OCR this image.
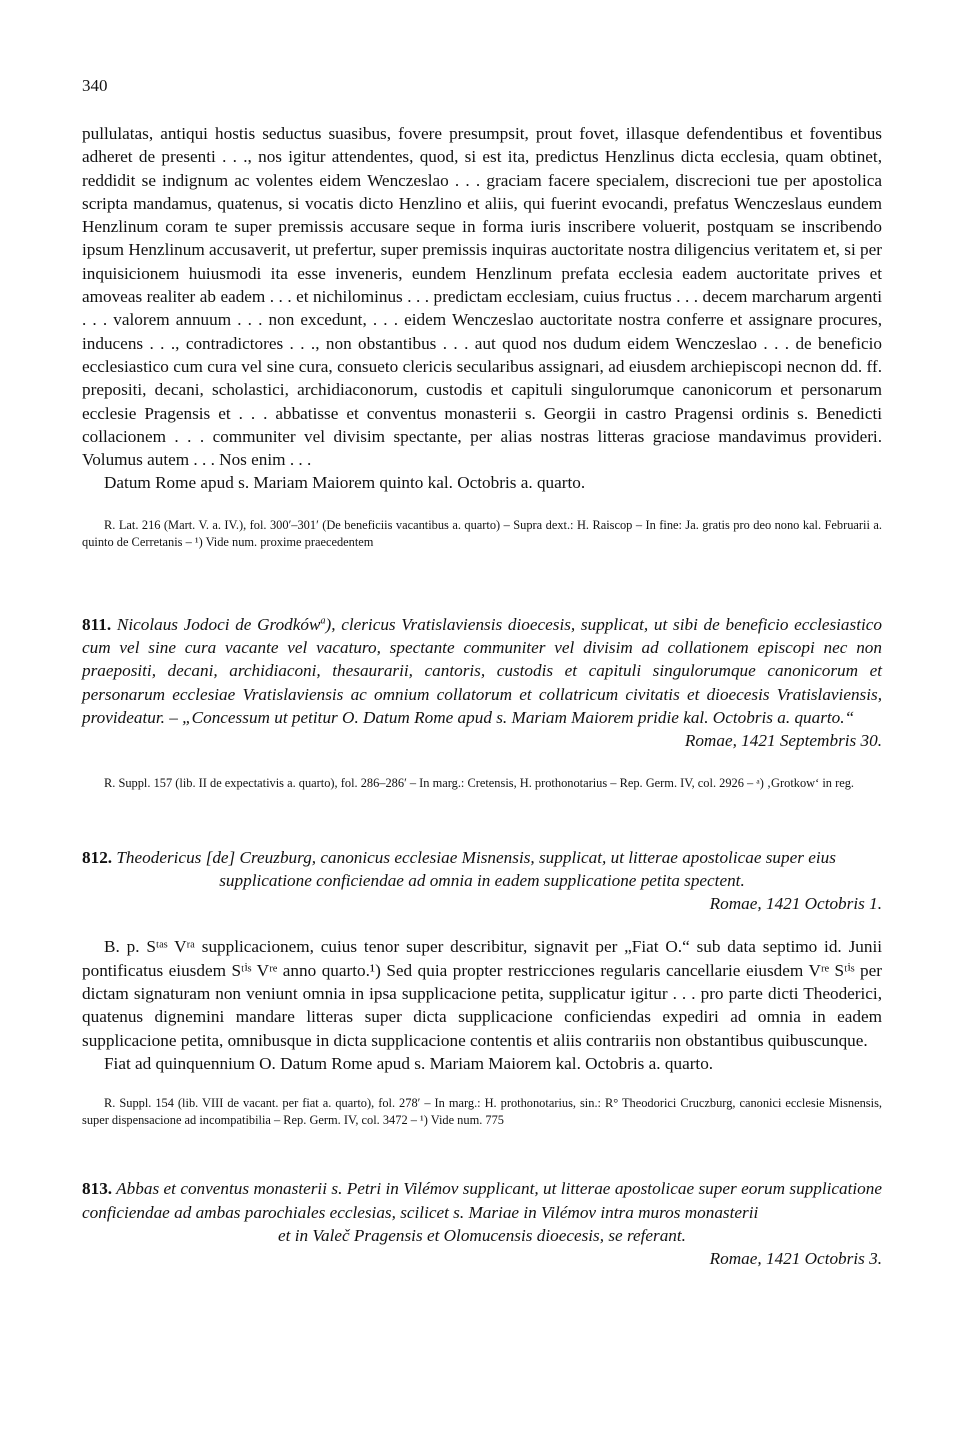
340

pullulatas, antiqui hostis seductus suasibus, fovere presumpsit, prout fovet, illasque defendentibus et foventibus adheret de presenti . . ., nos igitur attendentes, quod, si est ita, predictus Henzlinus dicta ecclesia, quam obtinet, reddidit se indignum ac volentes eidem Wenczeslao . . . graciam facere specialem, discrecioni tue per apostolica scripta mandamus, quatenus, si vocatis dicto Henzlino et aliis, qui fuerint evocandi, prefatus Wenczeslaus eundem Henzlinum coram te super premissis accusare seque in forma iuris inscribere voluerit, postquam se inscribendo ipsum Henzlinum accusaverit, ut prefertur, super premissis inquiras auctoritate nostra diligencius veritatem et, si per inquisicionem huiusmodi ita esse inveneris, eundem Henzlinum prefata ecclesia eadem auctoritate prives et amoveas realiter ab eadem . . . et nichilominus . . . predictam ecclesiam, cuius fructus . . . decem marcharum argenti . . . valorem annuum . . . non excedunt, . . . eidem Wenczeslao auctoritate nostra conferre et assignare procures, inducens . . ., contradictores . . ., non obstantibus . . . aut quod nos dudum eidem Wenczeslao . . . de beneficio ecclesiastico cum cura vel sine cura, consueto clericis secularibus assignari, ad eiusdem archiepiscopi necnon dd. ff. prepositi, decani, scholastici, archidiaconorum, custodis et capituli singulorumque canonicorum et personarum ecclesie Pragensis et . . . abbatisse et conventus monasterii s. Georgii in castro Pragensi ordinis s. Benedicti collacionem . . . communiter vel divisim spectante, per alias nostras litteras graciose mandavimus provideri. Volumus autem . . . Nos enim . . .

Datum Rome apud s. Mariam Maiorem quinto kal. Octobris a. quarto.

R. Lat. 216 (Mart. V. a. IV.), fol. 300′–301′ (De beneficiis vacantibus a. quarto) – Supra dext.: H. Raiscop – In fine: Ja. gratis pro deo nono kal. Februarii a. quinto de Cerretanis – ¹) Vide num. proxime praecedentem

811. Nicolaus Jodoci de Grodków$^a$), clericus Vratislaviensis dioecesis, supplicat, ut sibi de beneficio ecclesiastico cum vel sine cura vacante vel vacaturo, spectante communiter vel divisim ad collationem episcopi nec non praepositi, decani, archidiaconi, thesaurarii, cantoris, custodis et capituli singulorumque canonicorum et personarum ecclesiae Vratislaviensis ac omnium collatorum et collatricum civitatis et dioecesis Vratislaviensis, provideatur. – „Concessum ut petitur O. Datum Rome apud s. Mariam Maiorem pridie kal. Octobris a. quarto.“

Romae, 1421 Septembris 30.

R. Suppl. 157 (lib. II de expectativis a. quarto), fol. 286–286′ – In marg.: Cretensis, H. prothonotarius – Rep. Germ. IV, col. 2926 – ᵃ) ‚Grotkow‘ in reg.

812. Theodericus [de] Creuzburg, canonicus ecclesiae Misnensis, supplicat, ut litterae apostolicae super eius

supplicatione conficiendae ad omnia in eadem supplicatione petita spectent.

Romae, 1421 Octobris 1.

B. p. Sᵗᵃˢ Vʳᵃ supplicacionem, cuius tenor super describitur, signavit per „Fiat O.“ sub data septimo id. Junii pontificatus eiusdem Sᵗⁱˢ Vʳᵉ anno quarto.¹) Sed quia propter restricciones regularis cancellarie eiusdem Vʳᵉ Sᵗⁱˢ per dictam signaturam non veniunt omnia in ipsa supplicacione petita, supplicatur igitur . . . pro parte dicti Theoderici, quatenus dignemini mandare litteras super dicta supplicacione conficiendas expediri ad omnia in eadem supplicacione petita, omnibusque in dicta supplicacione contentis et aliis contrariis non obstantibus quibuscunque.

Fiat ad quinquennium O. Datum Rome apud s. Mariam Maiorem kal. Octobris a. quarto.

R. Suppl. 154 (lib. VIII de vacant. per fiat a. quarto), fol. 278′ – In marg.: H. prothonotarius, sin.: R° Theodorici Cruczburg, canonici ecclesie Misnensis, super dispensacione ad incompatibilia – Rep. Germ. IV, col. 3472 – ¹) Vide num. 775

813. Abbas et conventus monasterii s. Petri in Vilémov supplicant, ut litterae apostolicae super eorum supplicatione conficiendae ad ambas parochiales ecclesias, scilicet s. Mariae in Vilémov intra muros monasterii

et in Valeč Pragensis et Olomucensis dioecesis, se referant.

Romae, 1421 Octobris 3.
